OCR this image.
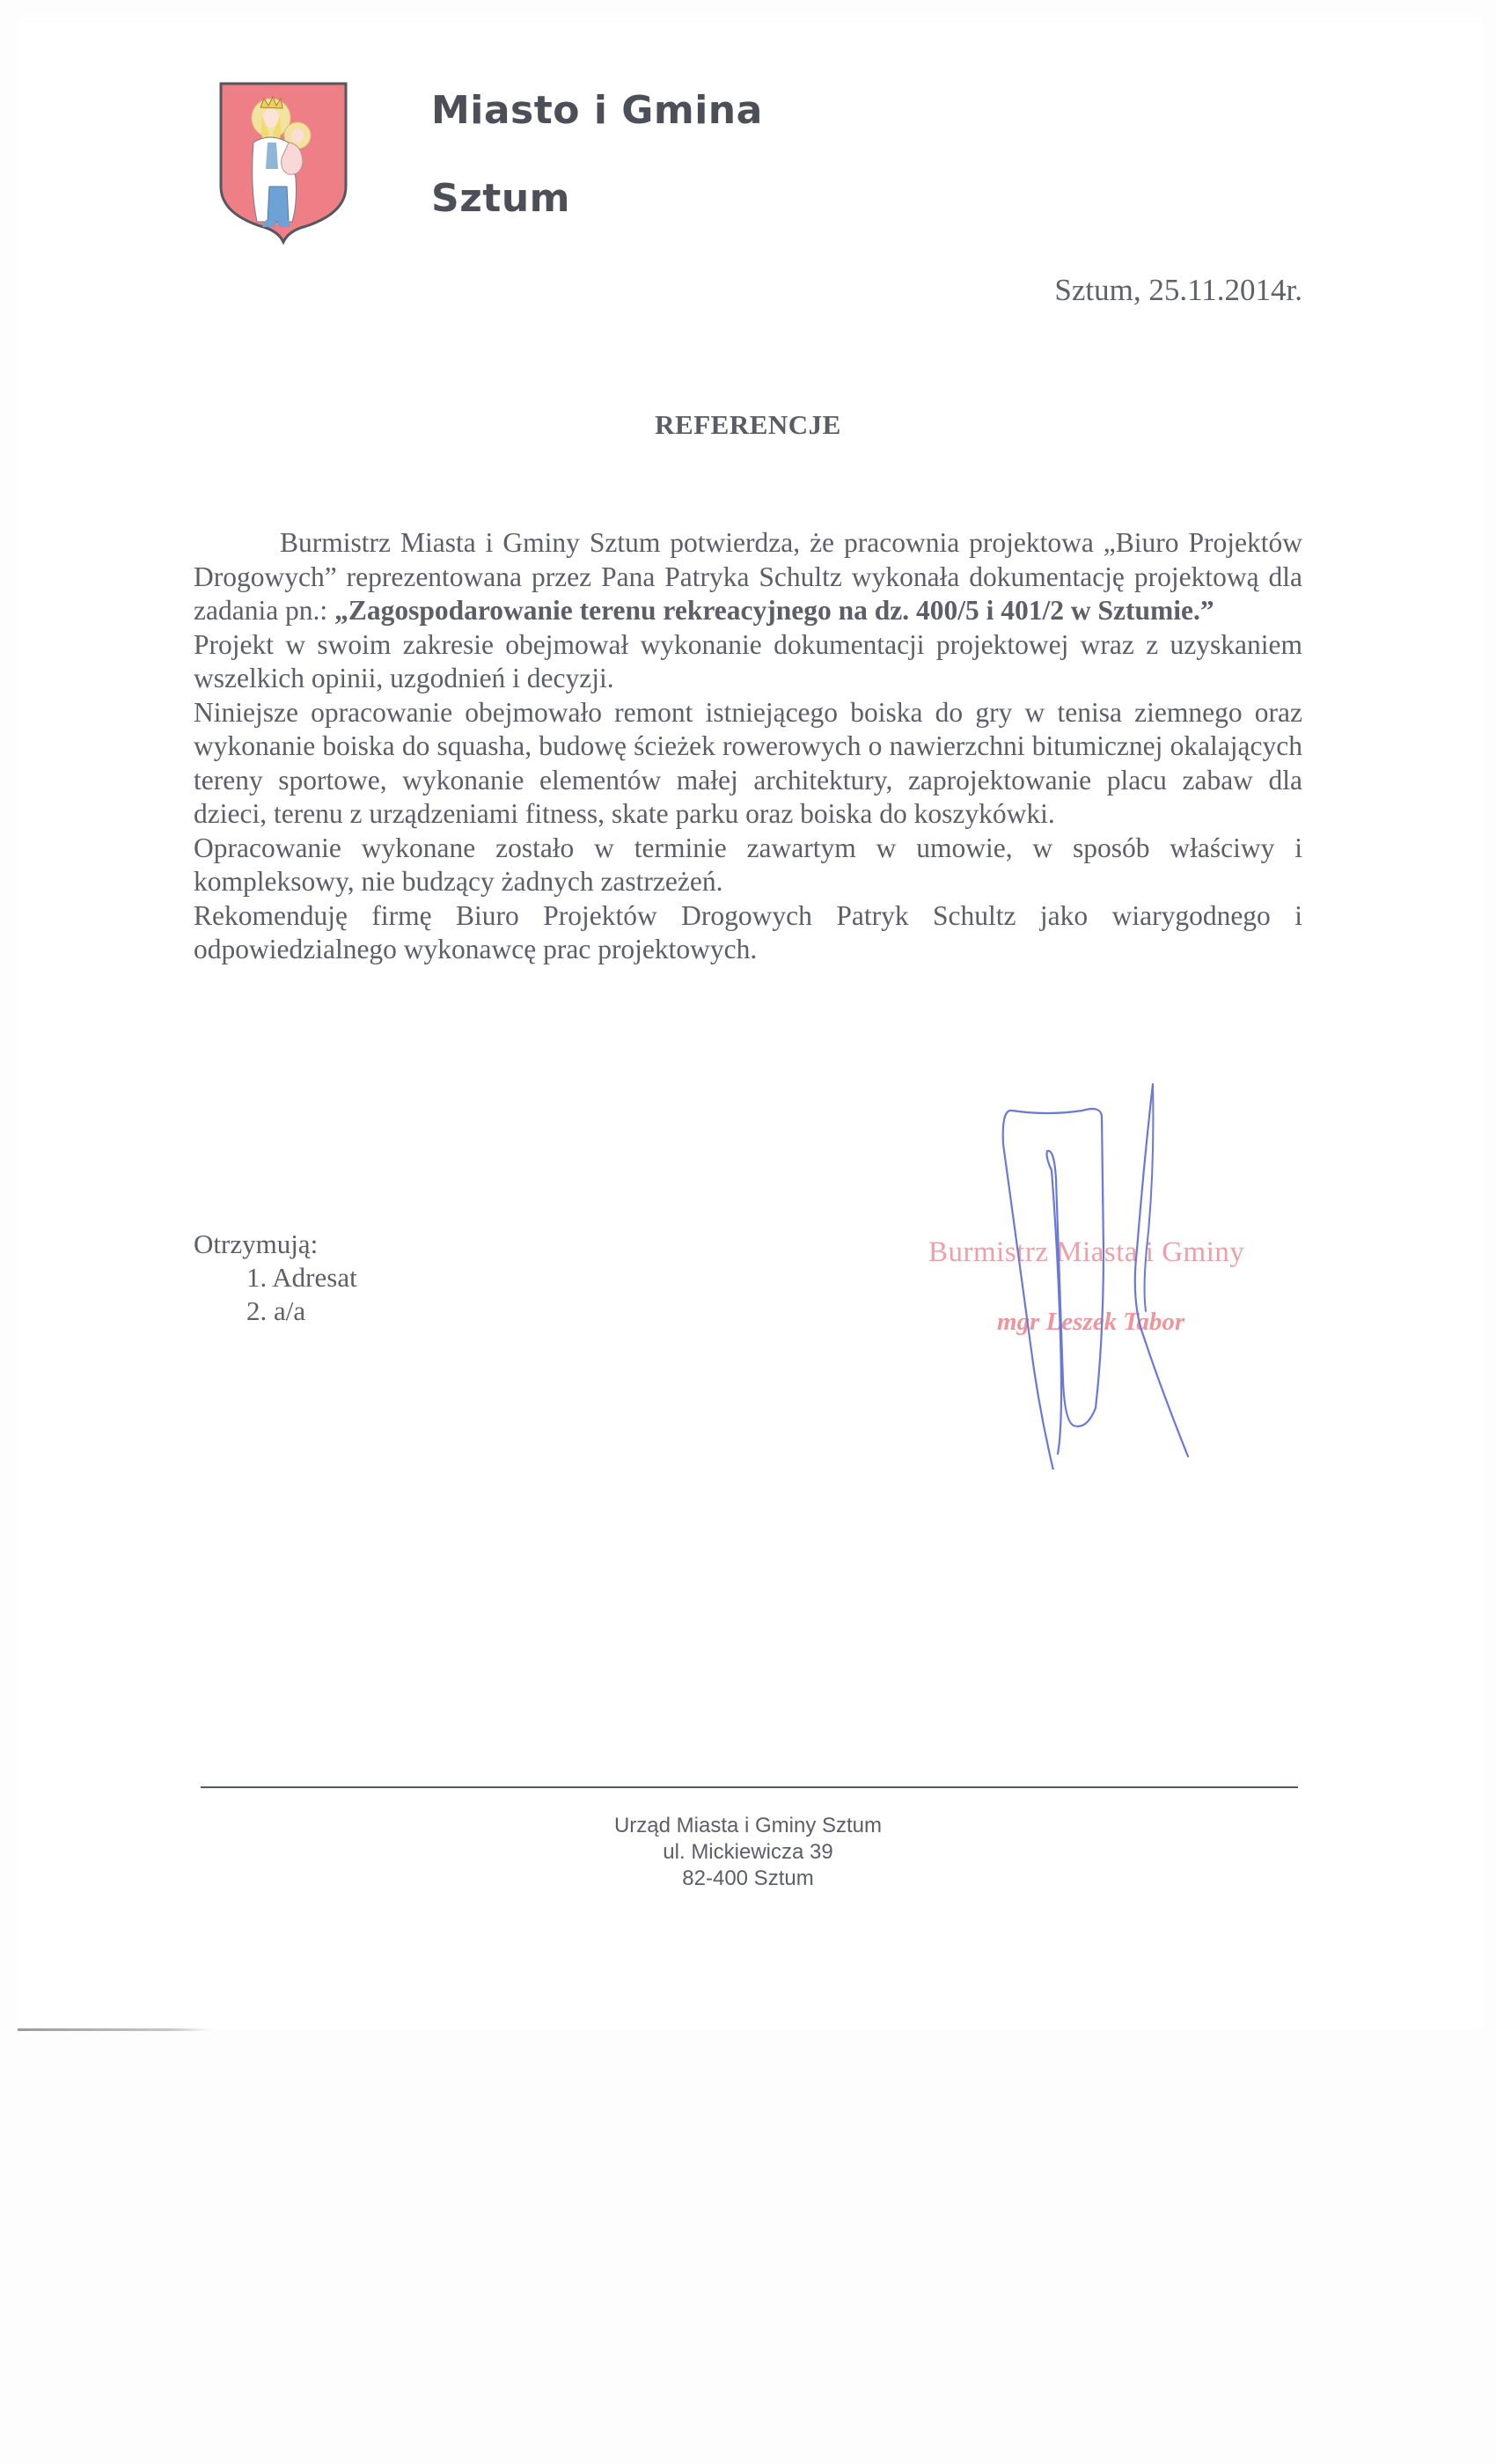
Miasto i Gmina
Sztum
Sztum, 25.11.2014r.
REFERENCJE

Burmistrz Miasta i Gminy Sztum potwierdza, że pracownia projektowa „Biuro Projektów Drogowych” reprezentowana przez Pana Patryka Schultz wykonała dokumentację projektową dla zadania pn.: „Zagospodarowanie terenu rekreacyjnego na dz. 400/5 i 401/2 w Sztumie.”

Projekt w swoim zakresie obejmował wykonanie dokumentacji projektowej wraz z uzyskaniem wszelkich opinii, uzgodnień i decyzji.

Niniejsze opracowanie obejmowało remont istniejącego boiska do gry w tenisa ziemnego oraz wykonanie boiska do squasha, budowę ścieżek rowerowych o nawierzchni bitumicznej okalających tereny sportowe, wykonanie elementów małej architektury, zaprojektowanie placu zabaw dla dzieci, terenu z urządzeniami fitness, skate parku oraz boiska do koszykówki.

Opracowanie wykonane zostało w terminie zawartym w umowie, w sposób właściwy i kompleksowy, nie budzący żadnych zastrzeżeń.

Rekomenduję firmę Biuro Projektów Drogowych Patryk Schultz jako wiarygodnego i odpowiedzialnego wykonawcę prac projektowych.

Otrzymują:
1. Adresat
2. a/a
Burmistrz Miasta i Gminy
mgr Leszek Tabor
Urząd Miasta i Gminy Sztum
ul. Mickiewicza 39
82-400 Sztum
